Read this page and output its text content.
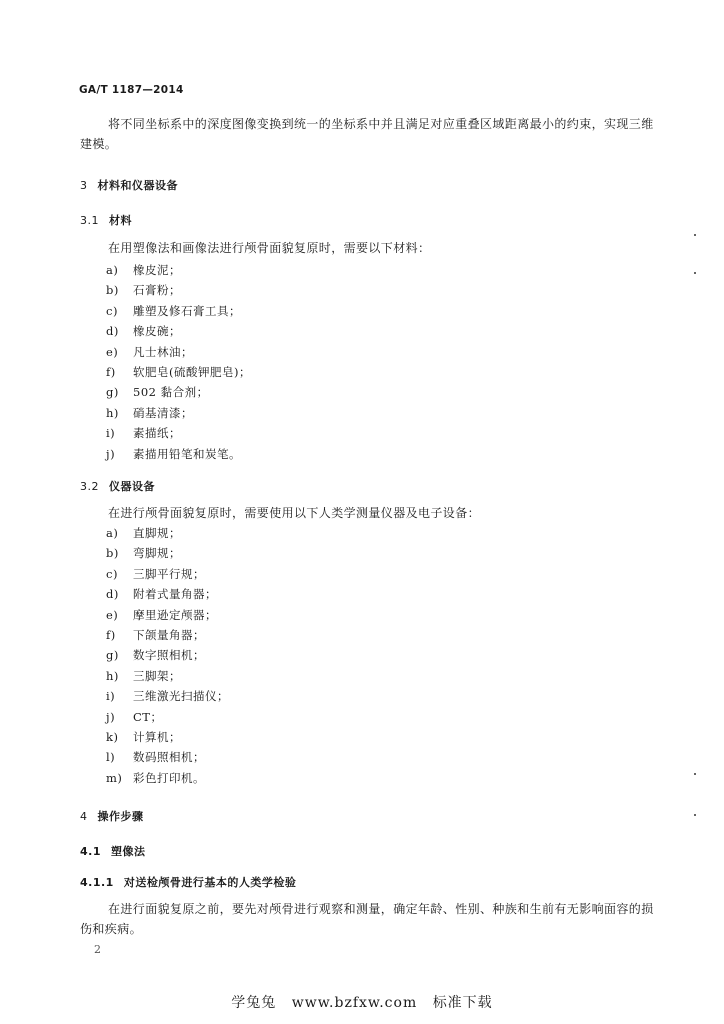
GA/T 1187—2014

将不同坐标系中的深度图像变换到统一的坐标系中并且满足对应重叠区域距离最小的约束，实现三维建模。

3 材料和仪器设备
3.1 材料

在用塑像法和画像法进行颅骨面貌复原时，需要以下材料：

a) 橡皮泥；
b) 石膏粉；
c) 雕塑及修石膏工具；
d) 橡皮碗；
e) 凡士林油；
f) 软肥皂(硫酸钾肥皂)；
g) 502 黏合剂；
h) 硝基清漆；
i) 素描纸；
j) 素描用铅笔和炭笔。
3.2 仪器设备

在进行颅骨面貌复原时，需要使用以下人类学测量仪器及电子设备：

a) 直脚规；
b) 弯脚规；
c) 三脚平行规；
d) 附着式量角器；
e) 摩里逊定颅器；
f) 下颌量角器；
g) 数字照相机；
h) 三脚架；
i) 三维激光扫描仪；
j) CT；
k) 计算机；
l) 数码照相机；
m) 彩色打印机。
4 操作步骤
4.1 塑像法
4.1.1 对送检颅骨进行基本的人类学检验

在进行面貌复原之前，要先对颅骨进行观察和测量，确定年龄、性别、种族和生前有无影响面容的损伤和疾病。

2
学兔兔 www.bzfxw.com 标准下载
